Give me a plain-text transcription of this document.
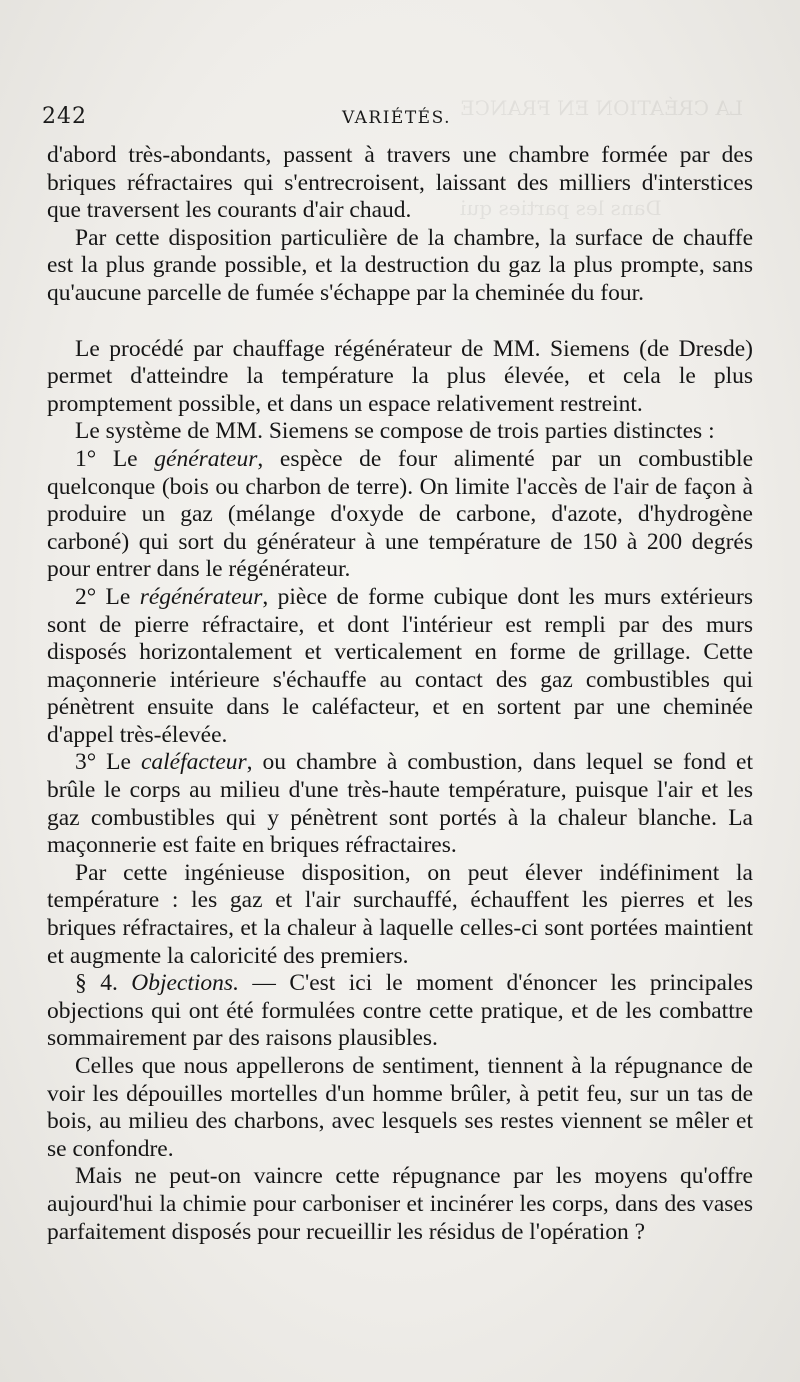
LA CRÉATION EN FRANCE
Dans les parties qui
242	VARIÉTÉS.

d'abord très-abondants, passent à travers une chambre formée par des briques réfractaires qui s'entrecroisent, laissant des milliers d'interstices que traversent les courants d'air chaud.

Par cette disposition particulière de la chambre, la surface de chauffe est la plus grande possible, et la destruction du gaz la plus prompte, sans qu'aucune parcelle de fumée s'échappe par la cheminée du four.

Le procédé par chauffage régénérateur de MM. Siemens (de Dresde) permet d'atteindre la température la plus élevée, et cela le plus promptement possible, et dans un espace relativement restreint.

Le système de MM. Siemens se compose de trois parties distinctes :

1° Le générateur, espèce de four alimenté par un combustible quelconque (bois ou charbon de terre). On limite l'accès de l'air de façon à produire un gaz (mélange d'oxyde de carbone, d'azote, d'hydrogène carboné) qui sort du générateur à une température de 150 à 200 degrés pour entrer dans le régénérateur.

2° Le régénérateur, pièce de forme cubique dont les murs extérieurs sont de pierre réfractaire, et dont l'intérieur est rempli par des murs disposés horizontalement et verticalement en forme de grillage. Cette maçonnerie intérieure s'échauffe au contact des gaz combustibles qui pénètrent ensuite dans le caléfacteur, et en sortent par une cheminée d'appel très-élevée.

3° Le caléfacteur, ou chambre à combustion, dans lequel se fond et brûle le corps au milieu d'une très-haute température, puisque l'air et les gaz combustibles qui y pénètrent sont portés à la chaleur blanche. La maçonnerie est faite en briques réfractaires.

Par cette ingénieuse disposition, on peut élever indéfiniment la température : les gaz et l'air surchauffé, échauffent les pierres et les briques réfractaires, et la chaleur à laquelle celles-ci sont portées maintient et augmente la caloricité des premiers.

§ 4. Objections. — C'est ici le moment d'énoncer les principales objections qui ont été formulées contre cette pratique, et de les combattre sommairement par des raisons plausibles.

Celles que nous appellerons de sentiment, tiennent à la répugnance de voir les dépouilles mortelles d'un homme brûler, à petit feu, sur un tas de bois, au milieu des charbons, avec lesquels ses restes viennent se mêler et se confondre.

Mais ne peut-on vaincre cette répugnance par les moyens qu'offre aujourd'hui la chimie pour carboniser et incinérer les corps, dans des vases parfaitement disposés pour recueillir les résidus de l'opération ?
